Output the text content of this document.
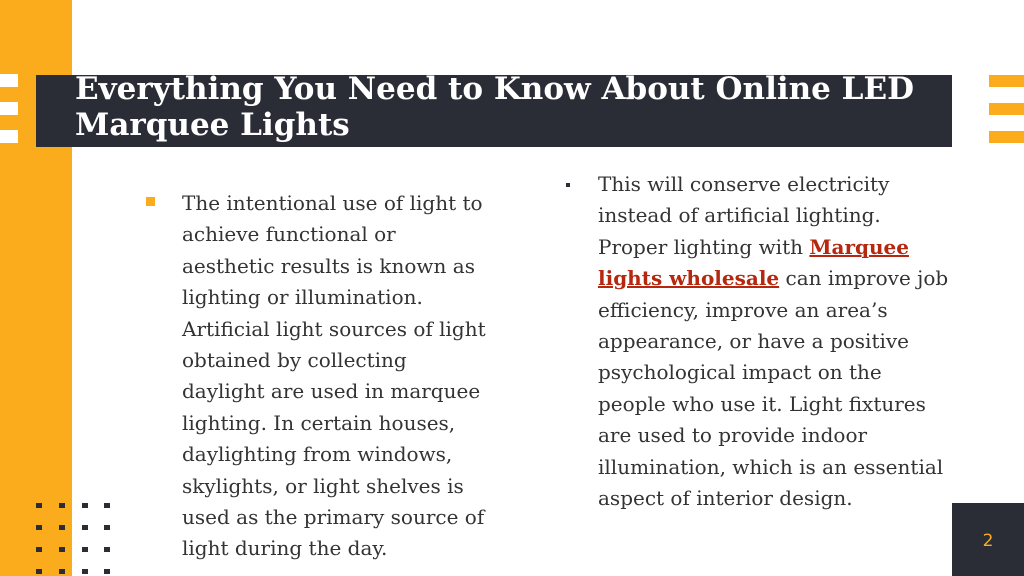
Everything You Need to Know About Online LED Marquee Lights
The intentional use of light to achieve functional or aesthetic results is known as lighting or illumination. Artificial light sources of light obtained by collecting daylight are used in marquee lighting. In certain houses, daylighting from windows, skylights, or light shelves is used as the primary source of light during the day.
This will conserve electricity instead of artificial lighting. Proper lighting with Marquee lights wholesale can improve job efficiency, improve an area’s appearance, or have a positive psychological impact on the people who use it. Light fixtures are used to provide indoor illumination, which is an essential aspect of interior design.
2
